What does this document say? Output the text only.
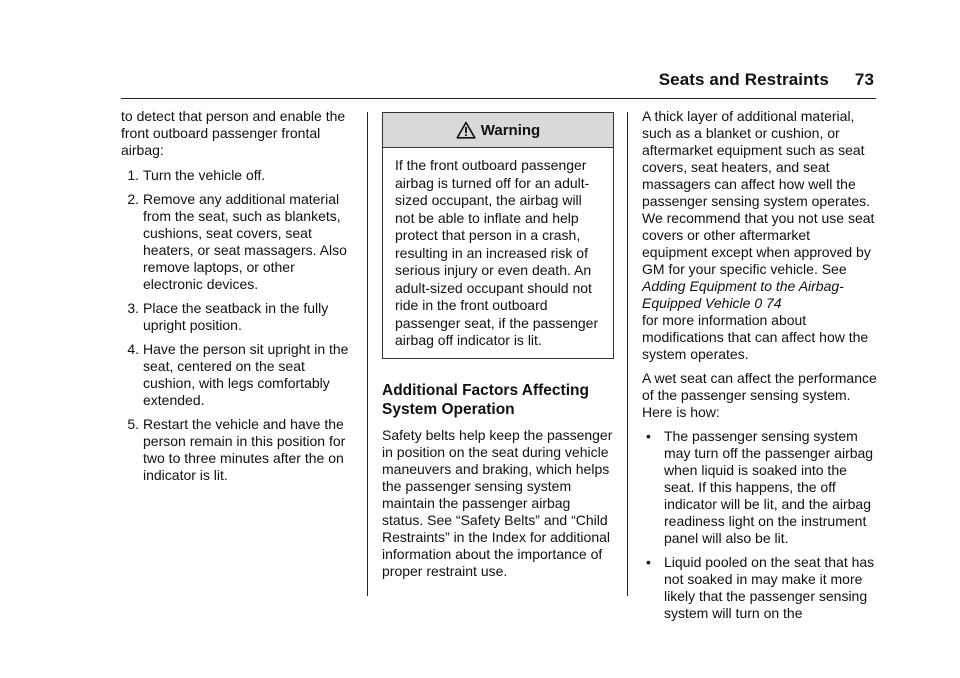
Seats and Restraints 73

to detect that person and enable the front outboard passenger frontal airbag:

1. Turn the vehicle off.
2. Remove any additional material from the seat, such as blankets, cushions, seat covers, seat heaters, or seat massagers. Also remove laptops, or other electronic devices.
3. Place the seatback in the fully upright position.
4. Have the person sit upright in the seat, centered on the seat cushion, with legs comfortably extended.
5. Restart the vehicle and have the person remain in this position for two to three minutes after the on indicator is lit.
Warning
If the front outboard passenger airbag is turned off for an adult-sized occupant, the airbag will not be able to inflate and help protect that person in a crash, resulting in an increased risk of serious injury or even death. An adult-sized occupant should not ride in the front outboard passenger seat, if the passenger airbag off indicator is lit.
Additional Factors Affecting System Operation

Safety belts help keep the passenger in position on the seat during vehicle maneuvers and braking, which helps the passenger sensing system maintain the passenger airbag status. See “Safety Belts” and “Child Restraints” in the Index for additional information about the importance of proper restraint use.

A thick layer of additional material, such as a blanket or cushion, or aftermarket equipment such as seat covers, seat heaters, and seat massagers can affect how well the passenger sensing system operates. We recommend that you not use seat covers or other aftermarket equipment except when approved by GM for your specific vehicle. See Adding Equipment to the Airbag-Equipped Vehicle 0 74
for more information about modifications that can affect how the system operates.

A wet seat can affect the performance of the passenger sensing system. Here is how:

• The passenger sensing system may turn off the passenger airbag when liquid is soaked into the seat. If this happens, the off indicator will be lit, and the airbag readiness light on the instrument panel will also be lit.
• Liquid pooled on the seat that has not soaked in may make it more likely that the passenger sensing system will turn on the
